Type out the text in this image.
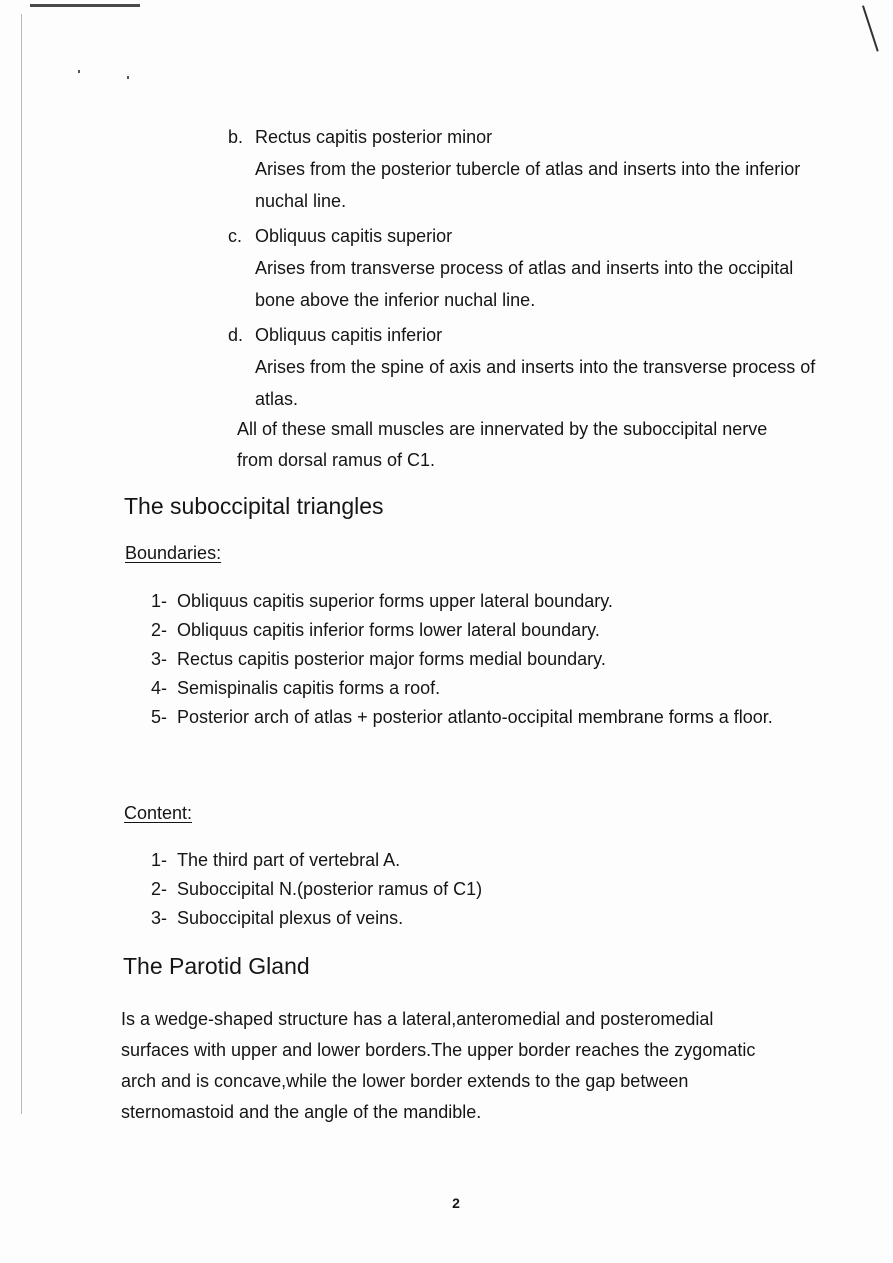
b. Rectus capitis posterior minor
Arises from the posterior tubercle of atlas and inserts into the inferior nuchal line.
c. Obliquus capitis superior
Arises from transverse process of atlas and inserts into the occipital bone above the inferior nuchal line.
d. Obliquus capitis inferior
Arises from the spine of axis and inserts into the transverse process of atlas.
All of these small muscles are innervated by the suboccipital nerve from dorsal ramus of C1.
The suboccipital triangles
Boundaries:
1- Obliquus capitis superior forms upper lateral boundary.
2- Obliquus capitis inferior forms lower lateral boundary.
3- Rectus capitis posterior major forms medial boundary.
4- Semispinalis capitis forms a roof.
5- Posterior arch of atlas + posterior atlanto-occipital membrane forms a floor.
Content:
1- The third part of vertebral A.
2- Suboccipital N.(posterior ramus of C1)
3- Suboccipital plexus of veins.
The Parotid Gland
Is a wedge-shaped structure has a lateral,anteromedial and posteromedial surfaces with upper and lower borders.The upper border reaches the zygomatic arch and is concave,while the lower border extends to the gap between sternomastoid and the angle of the mandible.
2
